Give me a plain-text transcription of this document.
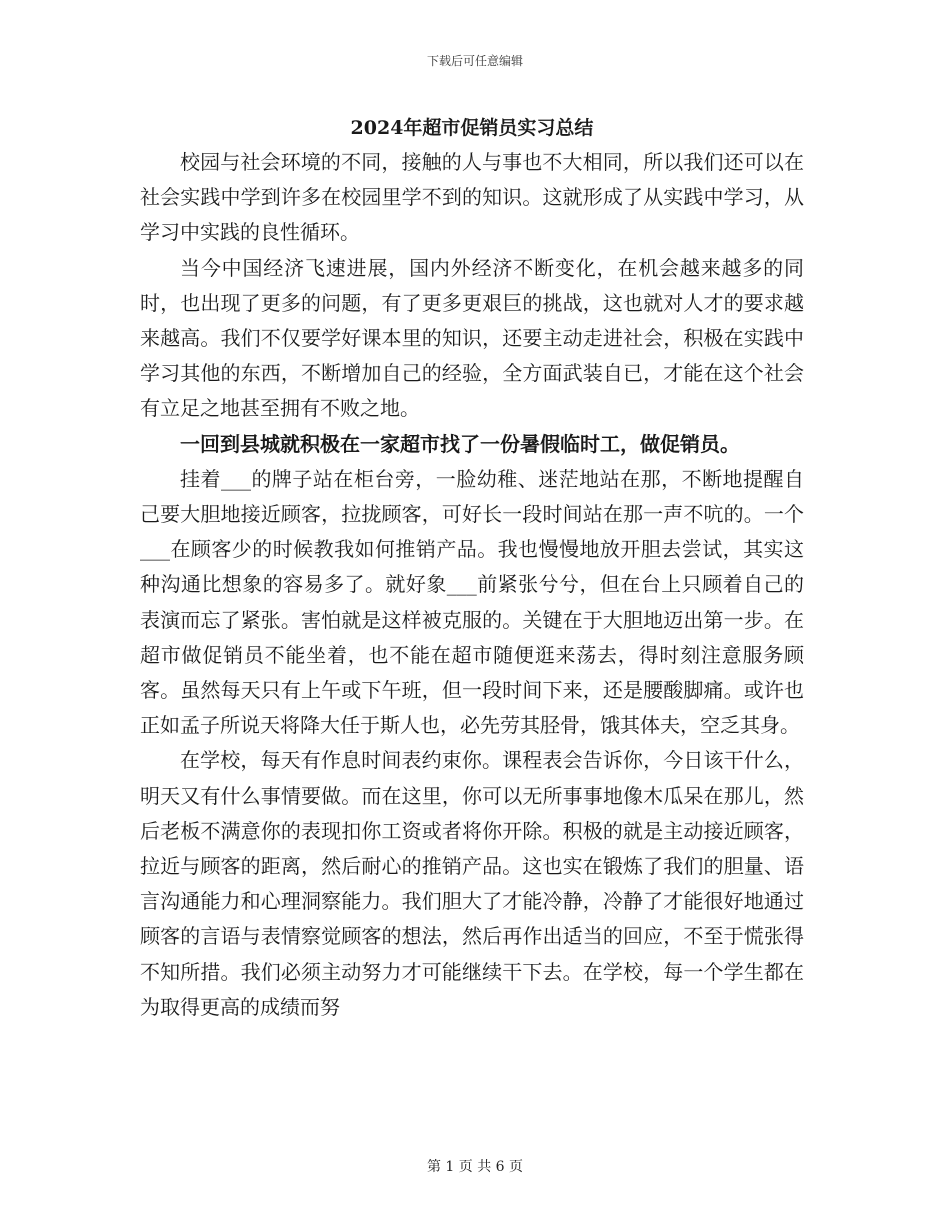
下载后可任意编辑
2024年超市促销员实习总结

校园与社会环境的不同，接触的人与事也不大相同，所以我们还可以在社会实践中学到许多在校园里学不到的知识。这就形成了从实践中学习，从学习中实践的良性循环。

当今中国经济飞速进展，国内外经济不断变化，在机会越来越多的同时，也出现了更多的问题，有了更多更艰巨的挑战，这也就对人才的要求越来越高。我们不仅要学好课本里的知识，还要主动走进社会，积极在实践中学习其他的东西，不断增加自己的经验，全方面武装自已，才能在这个社会有立足之地甚至拥有不败之地。

一回到县城就积极在一家超市找了一份暑假临时工，做促销员。

挂着___的牌子站在柜台旁，一脸幼稚、迷茫地站在那，不断地提醒自己要大胆地接近顾客，拉拢顾客，可好长一段时间站在那一声不吭的。一个___在顾客少的时候教我如何推销产品。我也慢慢地放开胆去尝试，其实这种沟通比想象的容易多了。就好象___前紧张兮兮，但在台上只顾着自己的表演而忘了紧张。害怕就是这样被克服的。关键在于大胆地迈出第一步。在超市做促销员不能坐着，也不能在超市随便逛来荡去，得时刻注意服务顾客。虽然每天只有上午或下午班，但一段时间下来，还是腰酸脚痛。或许也正如孟子所说天将降大任于斯人也，必先劳其胫骨，饿其体夫，空乏其身。

在学校，每天有作息时间表约束你。课程表会告诉你，今日该干什么，明天又有什么事情要做。而在这里，你可以无所事事地像木瓜呆在那儿，然后老板不满意你的表现扣你工资或者将你开除。积极的就是主动接近顾客，拉近与顾客的距离，然后耐心的推销产品。这也实在锻炼了我们的胆量、语言沟通能力和心理洞察能力。我们胆大了才能冷静，冷静了才能很好地通过顾客的言语与表情察觉顾客的想法，然后再作出适当的回应，不至于慌张得不知所措。我们必须主动努力才可能继续干下去。在学校，每一个学生都在为取得更高的成绩而努

第 1 页 共 6 页
